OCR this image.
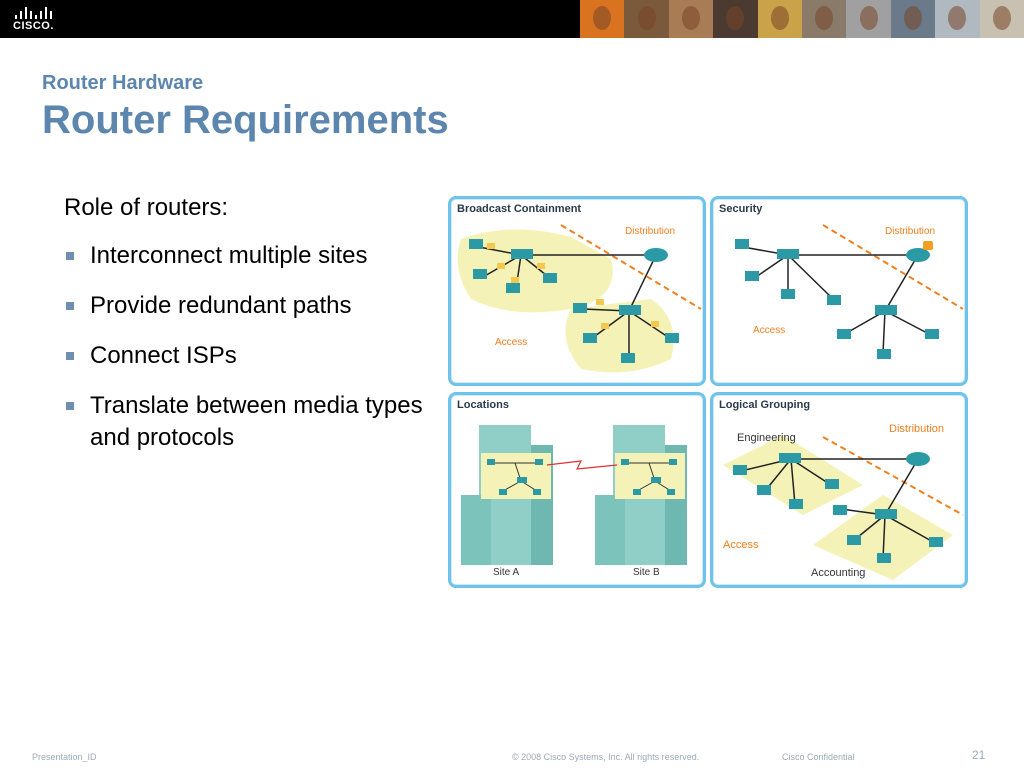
CISCO.
Router Hardware
Router Requirements
Role of routers:
Interconnect multiple sites
Provide redundant paths
Connect ISPs
Translate between media types and protocols
Broadcast Containment
Distribution
Access
Security
Distribution
Access
Locations
Site A	Site B
Logical Grouping
Engineering
Distribution
Access
Accounting
Presentation_ID	© 2008 Cisco Systems, Inc. All rights reserved.	Cisco Confidential	21
